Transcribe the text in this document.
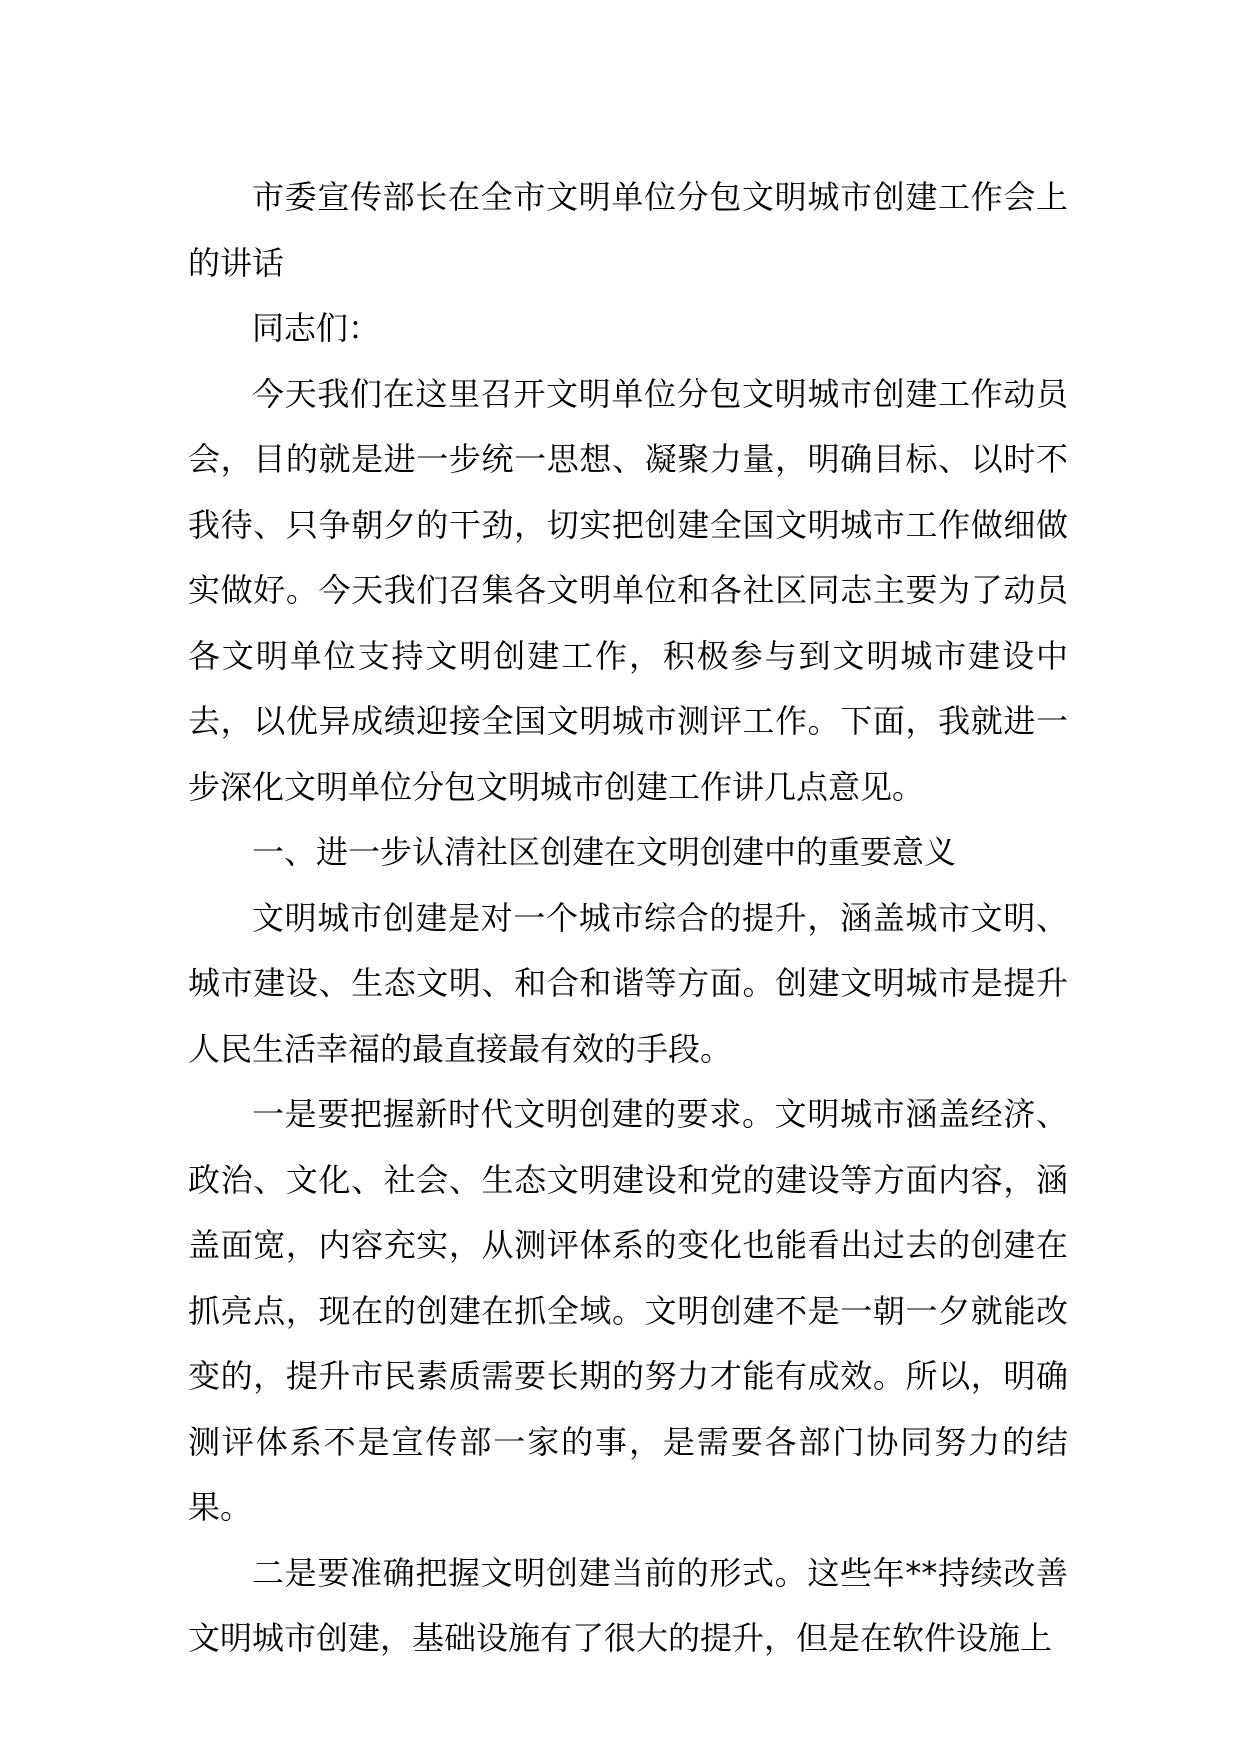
市委宣传部长在全市文明单位分包文明城市创建工作会上的讲话

同志们：

今天我们在这里召开文明单位分包文明城市创建工作动员会，目的就是进一步统一思想、凝聚力量，明确目标、以时不我待、只争朝夕的干劲，切实把创建全国文明城市工作做细做实做好。今天我们召集各文明单位和各社区同志主要为了动员各文明单位支持文明创建工作，积极参与到文明城市建设中去，以优异成绩迎接全国文明城市测评工作。下面，我就进一步深化文明单位分包文明城市创建工作讲几点意见。

一、进一步认清社区创建在文明创建中的重要意义

文明城市创建是对一个城市综合的提升，涵盖城市文明、城市建设、生态文明、和合和谐等方面。创建文明城市是提升人民生活幸福的最直接最有效的手段。

一是要把握新时代文明创建的要求。文明城市涵盖经济、政治、文化、社会、生态文明建设和党的建设等方面内容，涵盖面宽，内容充实，从测评体系的变化也能看出过去的创建在抓亮点，现在的创建在抓全域。文明创建不是一朝一夕就能改变的，提升市民素质需要长期的努力才能有成效。所以，明确测评体系不是宣传部一家的事，是需要各部门协同努力的结果。

二是要准确把握文明创建当前的形式。这些年**持续改善文明城市创建，基础设施有了很大的提升，但是在软件设施上
